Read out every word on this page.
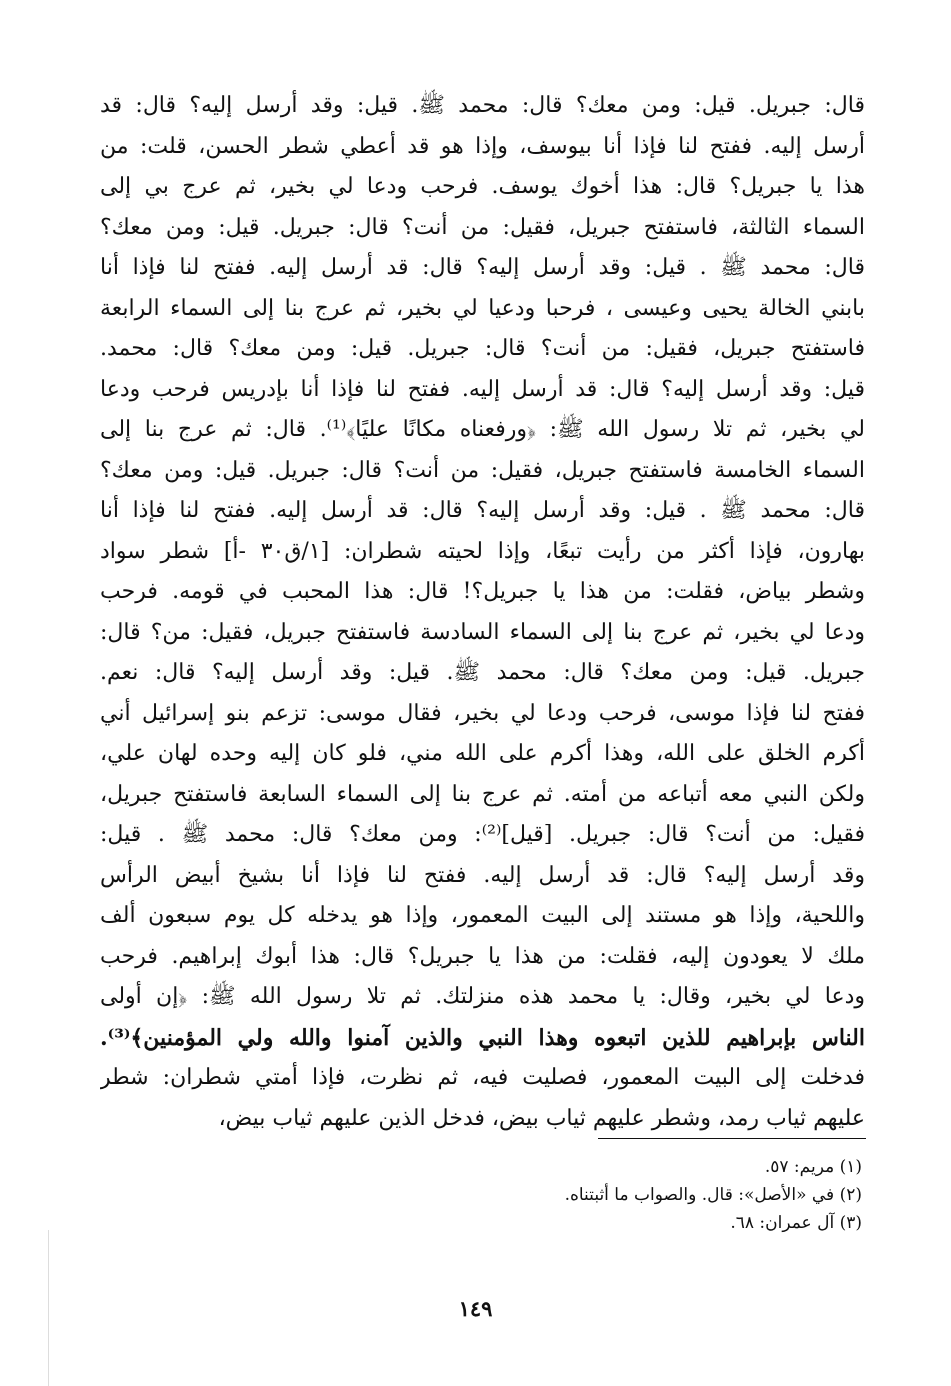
قال: جبريل. قيل: ومن معك؟ قال: محمد ﷺ. قيل: وقد أرسل إليه؟ قال: قد
أرسل إليه. ففتح لنا فإذا أنا بيوسف، وإذا هو قد أعطي شطر الحسن، قلت: من
هذا يا جبريل؟ قال: هذا أخوك يوسف. فرحب ودعا لي بخير، ثم عرج بي إلى
السماء الثالثة، فاستفتح جبريل، فقيل: من أنت؟ قال: جبريل. قيل: ومن معك؟
قال: محمد ﷺ . قيل: وقد أرسل إليه؟ قال: قد أرسل إليه. ففتح لنا فإذا أنا
بابني الخالة يحيى وعيسى ، فرحبا ودعيا لي بخير، ثم عرج بنا إلى السماء الرابعة
فاستفتح جبريل، فقيل: من أنت؟ قال: جبريل. قيل: ومن معك؟ قال: محمد.
قيل: وقد أرسل إليه؟ قال: قد أرسل إليه. ففتح لنا فإذا أنا بإدريس فرحب ودعا
لي بخير، ثم تلا رسول الله ﷺ: ﴿ورفعناه مكانًا عليًا﴾⁽¹⁾. قال: ثم عرج بنا إلى
السماء الخامسة فاستفتح جبريل، فقيل: من أنت؟ قال: جبريل. قيل: ومن معك؟
قال: محمد ﷺ . قيل: وقد أرسل إليه؟ قال: قد أرسل إليه. ففتح لنا فإذا أنا
بهارون، فإذا أكثر من رأيت تبعًا، وإذا لحيته شطران: [١/ق٣٠ -أ] شطر سواد
وشطر بياض، فقلت: من هذا يا جبريل؟! قال: هذا المحبب في قومه. فرحب
ودعا لي بخير، ثم عرج بنا إلى السماء السادسة فاستفتح جبريل، فقيل: من؟ قال:
جبريل. قيل: ومن معك؟ قال: محمد ﷺ. قيل: وقد أرسل إليه؟ قال: نعم.
ففتح لنا فإذا موسى، فرحب ودعا لي بخير، فقال موسى: تزعم بنو إسرائيل أني
أكرم الخلق على الله، وهذا أكرم على الله مني، فلو كان إليه وحده لهان علي،
ولكن النبي معه أتباعه من أمته. ثم عرج بنا إلى السماء السابعة فاستفتح جبريل،
فقيل: من أنت؟ قال: جبريل. [قيل]⁽²⁾: ومن معك؟ قال: محمد ﷺ . قيل:
وقد أرسل إليه؟ قال: قد أرسل إليه. ففتح لنا فإذا أنا بشيخ أبيض الرأس
واللحية، وإذا هو مستند إلى البيت المعمور، وإذا هو يدخله كل يوم سبعون ألف
ملك لا يعودون إليه، فقلت: من هذا يا جبريل؟ قال: هذا أبوك إبراهيم. فرحب
ودعا لي بخير، وقال: يا محمد هذه منزلتك. ثم تلا رسول الله ﷺ: ﴿إن أولى
الناس بإبراهيم للذين اتبعوه وهذا النبي والذين آمنوا والله ولي المؤمنين﴾⁽³⁾.
فدخلت إلى البيت المعمور، فصليت فيه، ثم نظرت، فإذا أمتي شطران: شطر
عليهم ثياب رمد، وشطر عليهم ثياب بيض، فدخل الذين عليهم ثياب بيض،
(١) مريم: ٥٧.
(٢) في «الأصل»: قال. والصواب ما أثبتناه.
(٣) آل عمران: ٦٨.
١٤٩
